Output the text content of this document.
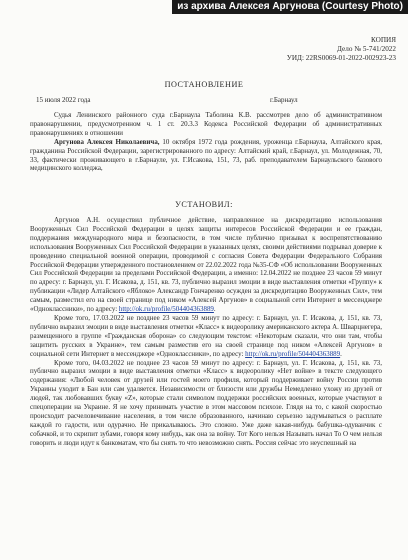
из архива Алексея Аргунова (Courtesy Photo)
КОПИЯ
Дело № 5-741/2022
УИД: 22RS0069-01-2022-002923-23
ПОСТАНОВЛЕНИЕ
15 июля 2022 года	г.Барнаул

Судья Ленинского районного суда г.Барнаула Таболина К.В. рассмотрев дело об административном правонарушении, предусмотренном ч. 1 ст. 20.3.3 Кодекса Российской Федерации об административных правонарушениях в отношении

Аргунова Алексея Николаевича, 10 октября 1972 года рождения, уроженца г.Барнаула, Алтайского края, гражданина Российской Федерации, зарегистрированного по адресу: Алтайский край, г.Барнаул, ул. Молодежная, 70, 33, фактически проживающего в г.Барнауле, ул. Г.Исакова, 151, 73, раб. преподавателем Барнаульского базового медицинского колледжа,

УСТАНОВИЛ:

Аргунов А.Н. осуществил публичное действие, направленное на дискредитацию использования Вооруженных Сил Российской Федерации в целях защиты интересов Российской Федерации и ее граждан, поддержания международного мира и безопасности, в том числе публично призывал к воспрепятствованию использования Вооруженных Сил Российской Федерации в указанных целях, своими действиями подрывал доверие к проведению специальной военной операции, проводимой с согласия Совета Федерации Федерального Собрания Российской Федерации утвержденного постановлением от 22.02.2022 года №35-СФ «Об использовании Вооруженных Сил Российской Федерации за пределами Российской Федерации, а именно: 12.04.2022 не позднее 23 часов 59 минут по адресу: г. Барнаул, ул. Г. Исакова, д. 151, кв. 73, публично выразил эмоции в виде выставления отметки «Группу» к публикации «Лидер Алтайского «Яблоко» Александр Гончаренко осужден за дискредитацию Вооруженных Сил», тем самым, разместил его на своей странице под ником «Алексей Аргунов» в социальной сети Интернет в мессенджере «Одноклассники», по адресу: http://ok.ru/profile/504404363889.

Кроме того, 17.03.2022 не позднее 23 часов 59 минут по адресу: г. Барнаул, ул. Г. Исакова, д. 151, кв. 73, публично выразил эмоции в виде выставления отметки «Класс» к видеоролику американского актера А. Шварцнегера, размещенного в группе «Гражданская оборона» со следующим текстом: «Некоторым сказали, что они там, чтобы защитить русских в Украине», тем самым разместив его на своей странице под ником «Алексей Аргунов» в социальной сети Интернет в мессенджере «Одноклассники», по адресу: http://ok.ru/profile/504404363889.

Кроме того, 04.03.2022 не позднее 23 часов 59 минут по адресу: г. Барнаул, ул. Г. Исакова, д. 151, кв. 73, публично выразил эмоции в виде выставления отметки «Класс» к видеоролику «Нет войне» в тексте следующего содержания: «Любой человек от друзей или гостей моего профиля, который поддерживает войну России против Украины уходит в Бан или сам удаляется. Независимости от близости или дружбы Немедленно ухожу из друзей от людей, так любовавших букву «Z», которые стали символом поддержки российских военных, которые участвуют в спецоперации на Украине. Я не хочу принимать участие в этом массовом психозе. Глядя на то, с какой скоростью происходит расчеловечивание населения, в том числе образованного, начинаю серьезно задумываться о расплате каждой го гадости, или одурачно. Не прикалываюсь. Это сложно. Уже даже какая-нибудь бабушка-одуванчик с собачкой, и то скрипит зубами, говоря кому нибудь, как она за войну. Тот Кого нельзя Называть начал То О чем нельзя говорить и люди идут к банкоматам, что бы снять то что невозможно снять. Россия сейчас это неуспешный на
